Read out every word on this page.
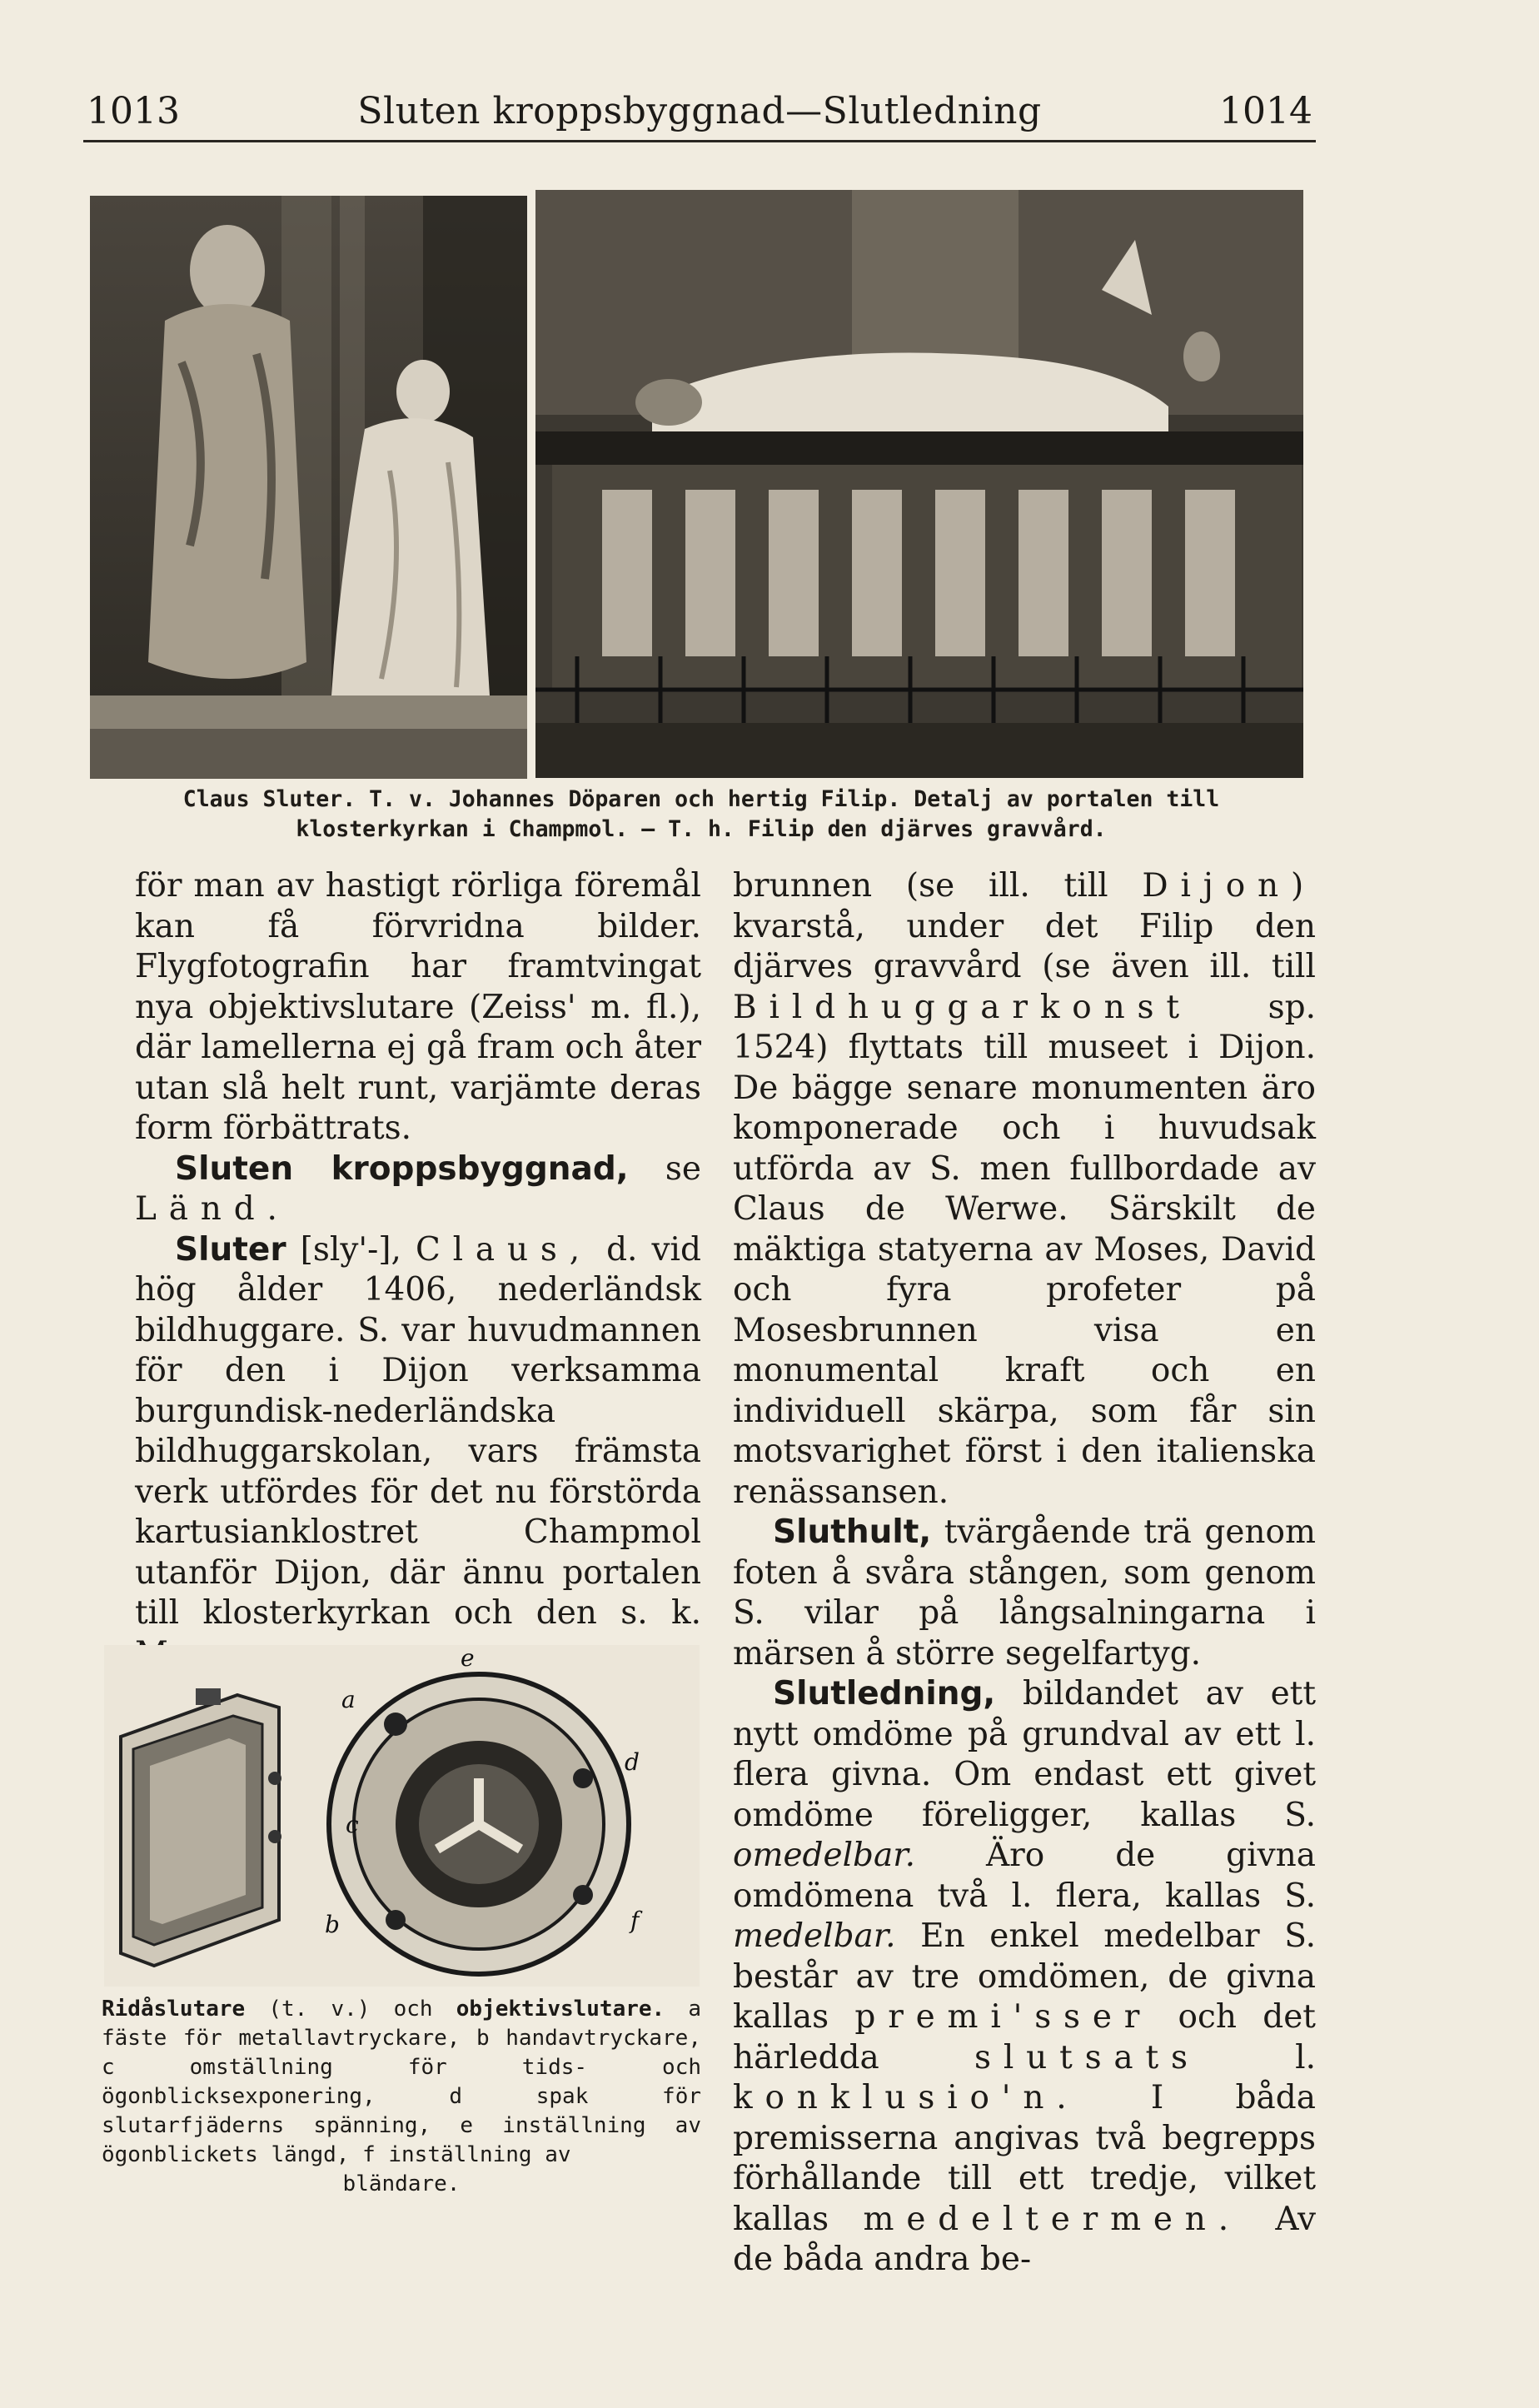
1013	Sluten kroppsbyggnad—Slutledning	1014
Claus Sluter. T. v. Johannes Döparen och hertig Filip. Detalj av portalen till
klosterkyrkan i Champmol. — T. h. Filip den djärves gravvård.

för man av hastigt rörliga föremål kan få förvridna bilder. Flygfotografin har framtvingat nya objektivslutare (Zeiss' m. fl.), där lamellerna ej gå fram och åter utan slå helt runt, varjämte deras form förbättrats.

Sluten kroppsbyggnad, se Länd.

Sluter [sly'-], Claus, d. vid hög ålder 1406, nederländsk bildhuggare. S. var huvudmannen för den i Dijon verksamma burgundisk-nederländska bildhuggarskolan, vars främsta verk utfördes för det nu förstörda kartusianklostret Champmol utanför Dijon, där ännu portalen till klosterkyrkan och den s. k.

a
b
c
d
e
f
Ridåslutare (t. v.) och objektivslutare. a fäste för metallavtryckare, b handavtryckare, c omställning för tids- och ögonblicksexponering, d spak för slutarfjäderns spänning, e inställning av ögonblickets längd, f inställning av
bländare.

brunnen (se ill. till Dijon) kvarstå, under det Filip den djärves gravvård (se även ill. till Bildhuggarkonst sp. 1524) flyttats till museet i Dijon. De bägge senare monumenten äro komponerade och i huvudsak utförda av S. men fullbordade av Claus de Werwe. Särskilt de mäktiga statyerna av Moses, David och fyra profeter på Mosesbrunnen visa en monumental kraft och en individuell skärpa, som får sin motsvarighet först i den italienska renässansen.

Sluthult, tvärgående trä genom foten å svåra stången, som genom S. vilar på långsalningarna i märsen å större segelfartyg.

Slutledning, bildandet av ett nytt omdöme på grundval av ett l. flera givna. Om endast ett givet omdöme föreligger, kallas S. omedelbar. Äro de givna omdömena två l. flera, kallas S. medelbar. En enkel medelbar S. består av tre omdömen, de givna kallas premi'sser och det härledda	slutsats	l. konklusio'n. I båda premisserna angivas två begrepps förhållande till ett tredje, vilket kallas medeltermen. Av de båda andra be-
